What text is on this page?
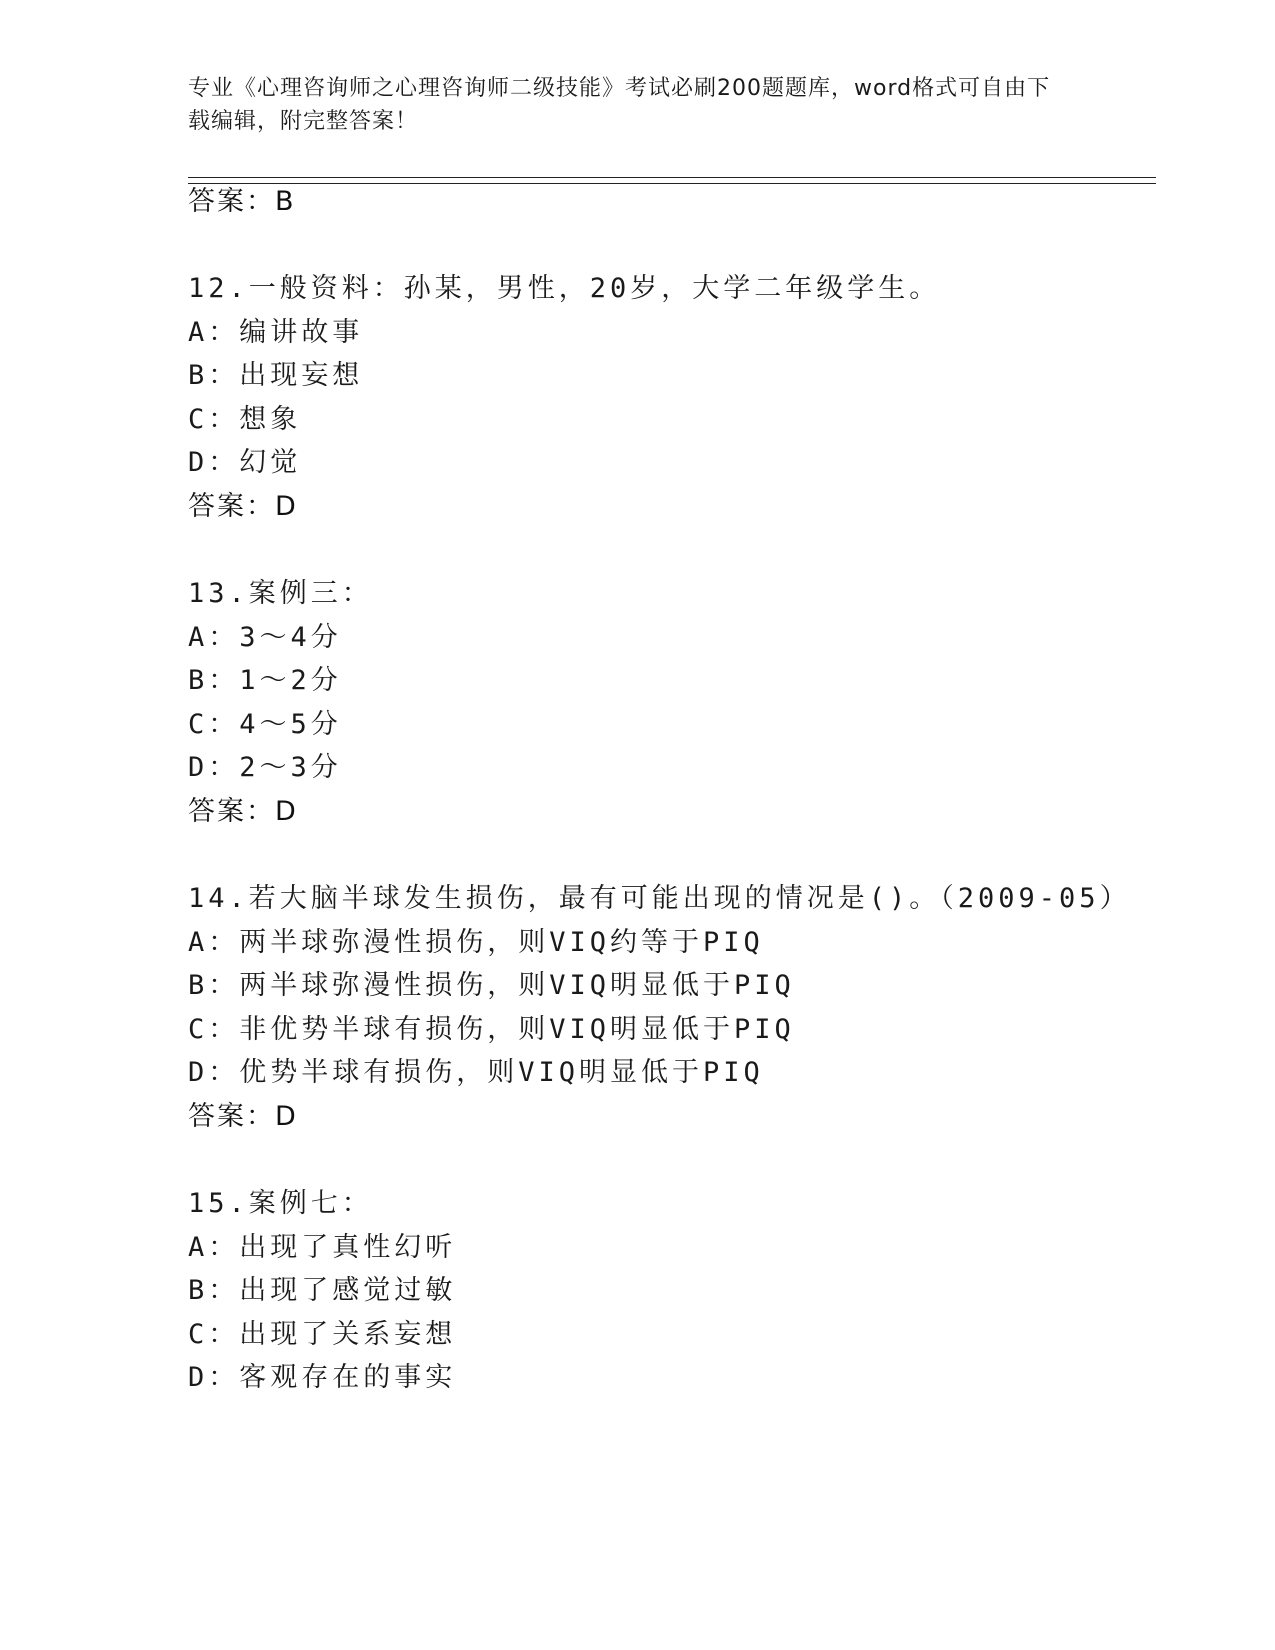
专业《心理咨询师之心理咨询师二级技能》考试必刷200题题库，word格式可自由下载编辑，附完整答案！
答案：B
12.一般资料：孙某，男性，20岁，大学二年级学生。
A：编讲故事
B：出现妄想
C：想象
D：幻觉
答案：D
13.案例三：
A：3～4分
B：1～2分
C：4～5分
D：2～3分
答案：D
14.若大脑半球发生损伤，最有可能出现的情况是()。（2009-05）
A：两半球弥漫性损伤，则VIQ约等于PIQ
B：两半球弥漫性损伤，则VIQ明显低于PIQ
C：非优势半球有损伤，则VIQ明显低于PIQ
D：优势半球有损伤，则VIQ明显低于PIQ
答案：D
15.案例七：
A：出现了真性幻听
B：出现了感觉过敏
C：出现了关系妄想
D：客观存在的事实
